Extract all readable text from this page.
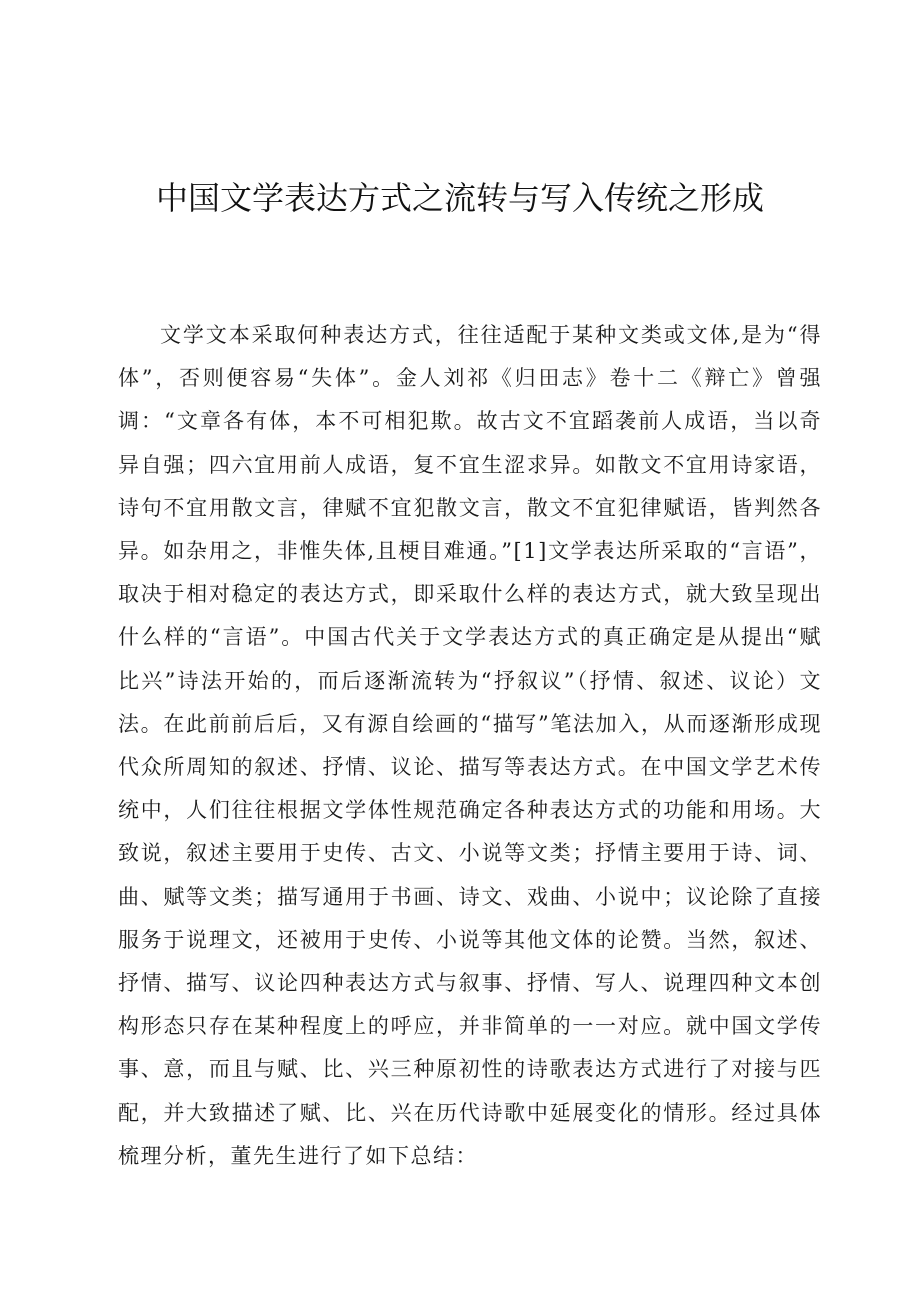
中国文学表达方式之流转与写入传统之形成

文学文本采取何种表达方式，往往适配于某种文类或文体,是为“得体”，否则便容易“失体”。金人刘祁《归田志》卷十二《辩亡》曾强调：“文章各有体，本不可相犯欺。故古文不宜蹈袭前人成语，当以奇异自强；四六宜用前人成语，复不宜生涩求异。如散文不宜用诗家语，诗句不宜用散文言，律赋不宜犯散文言，散文不宜犯律赋语，皆判然各异。如杂用之，非惟失体,且梗目难通。”[1]文学表达所采取的“言语”，取决于相对稳定的表达方式，即采取什么样的表达方式，就大致呈现出什么样的“言语”。中国古代关于文学表达方式的真正确定是从提出“赋比兴”诗法开始的，而后逐渐流转为“抒叙议”（抒情、叙述、议论）文法。在此前前后后，又有源自绘画的“描写”笔法加入，从而逐渐形成现代众所周知的叙述、抒情、议论、描写等表达方式。在中国文学艺术传统中，人们往往根据文学体性规范确定各种表达方式的功能和用场。大致说，叙述主要用于史传、古文、小说等文类；抒情主要用于诗、词、曲、赋等文类；描写通用于书画、诗文、戏曲、小说中；议论除了直接服务于说理文，还被用于史传、小说等其他文体的论赞。当然，叙述、抒情、描写、议论四种表达方式与叙事、抒情、写人、说理四种文本创构形态只存在某种程度上的呼应，并非简单的一一对应。就中国文学传事、意，而且与赋、比、兴三种原初性的诗歌表达方式进行了对接与匹配，并大致描述了赋、比、兴在历代诗歌中延展变化的情形。经过具体梳理分析，董先生进行了如下总结：
